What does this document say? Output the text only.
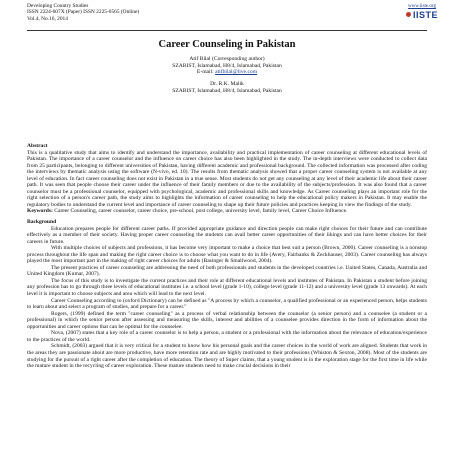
Developing Country Studies
ISSN 2224-607X (Paper) ISSN 2225-0565 (Online)
Vol.4, No.16, 2014
www.iiste.org
IISTE
Career Counseling in Pakistan
Atif Bilal (Corresponding author)
SZABIST, Islamabad, H8/4, Islamabad, Pakistan
E-mail: atifbilal@live.com
Dr. R.K. Malik
SZABIST, Islamabad, H8/4, Islamabad, Pakistan

Abstract

This is a qualitative study that aims to identify and understand the importance, availability and practical implementation of career counseling at different educational levels of Pakistan. The importance of a career counselor and the influence on career choice has also been highlighted in the study. The in-depth interviews were conducted to collect data from 25 participants, belonging to different universities of Pakistan, having different academic and professional background. The collected information was processed after coding the interviews by thematic analysis using the software (N-vivo, ed. 10). The results from thematic analysis showed that a proper career counseling system is not available at any level of education. In fact career counseling does not exist in Pakistan in a true sense. Most students do not get any counseling at any level of their academic life about their career path. It was seen that people choose their career under the influence of their family members or due to the availability of the subjects/profession. It was also found that a career counselor must be a professional counselor, equipped with psychological, academic and professional skills and knowledge. As Career counseling plays an important role for the right selection of a person's career path, the study aims to highlights the information of career counseling to help the educational policy makers in Pakistan. It may enable the regulatory bodies to understand the current level and importance of career counseling to shape up their future policies and practices keeping in view the findings of the study.

Keywords: Career Counseling, career counselor, career choice, pre-school, post college, university level, family level, Career Choice Influence.

Background

Education prepares people for different career paths. If provided appropriate guidance and direction people can make right choices for their future and can contribute effectively as a member of their society. Having proper career counseling the students can avail better career opportunities of their likings and can have better choices for their careers in future.

With multiple choices of subjects and professions, it has become very important to make a choice that best suit a person (Brown, 2000). Career counseling is a nonstop process throughout the life span and making the right career choice is to choose what you want to do in life (Avery, Fairbanks & Zeckhauser, 2003). Career counseling has always played the most important part in the making of right career choices for adults (Basinger & Smallwood, 2004).

The present practices of career counseling are addressing the need of both professionals and students in the developed countries i.e. United States, Canada, Australia and United Kingdom (Kumar, 2007).

The focus of this study is to investigate the current practices and their role at different educational levels and institutes of Pakistan. In Pakistan a student before joining any profession has to go through three levels of educational institutes i.e. a school level (grade 1-10), college level (grade 11-12) and a university level (grade 13 onwards). At each level it is important to choose subjects and area which will lead to the next level.

Career Counseling according to (oxford Dictionary) can be defined as "A process by which a counselor, a qualified professional or an experienced person, helps students to learn about and select a program of studies, and prepare for a career."

Rogers, (1999) defined the term "career counseling" as a process of verbal relationship between the counselor (a senior person) and a counselee (a student or a professional) in which the senior person after assessing and measuring the skills, interest and abilities of a counselee provides direction in the form of information about the opportunities and career options that can be optimal for the counselee.

Nova, (2007) states that a key role of a career counselor is to help a person, a student or a professional with the information about the relevance of education/experience to the practices of the world.

Schmidt, (2003) argued that it is very critical for a student to know how his personal goals and the career choices in the world of work are aligned. Students that work in the areas they are passionate about are more productive, have more retention rate and are highly motivated to their professions (Whiston & Sexton, 2008). Most of the students are studying for the pursuit of a right career after the completion of education. The theory of Super claims, that a young student is in the exploration stage for the first time in life while the mature student in the recycling of career exploration. These mature students need to make crucial decisions in their
